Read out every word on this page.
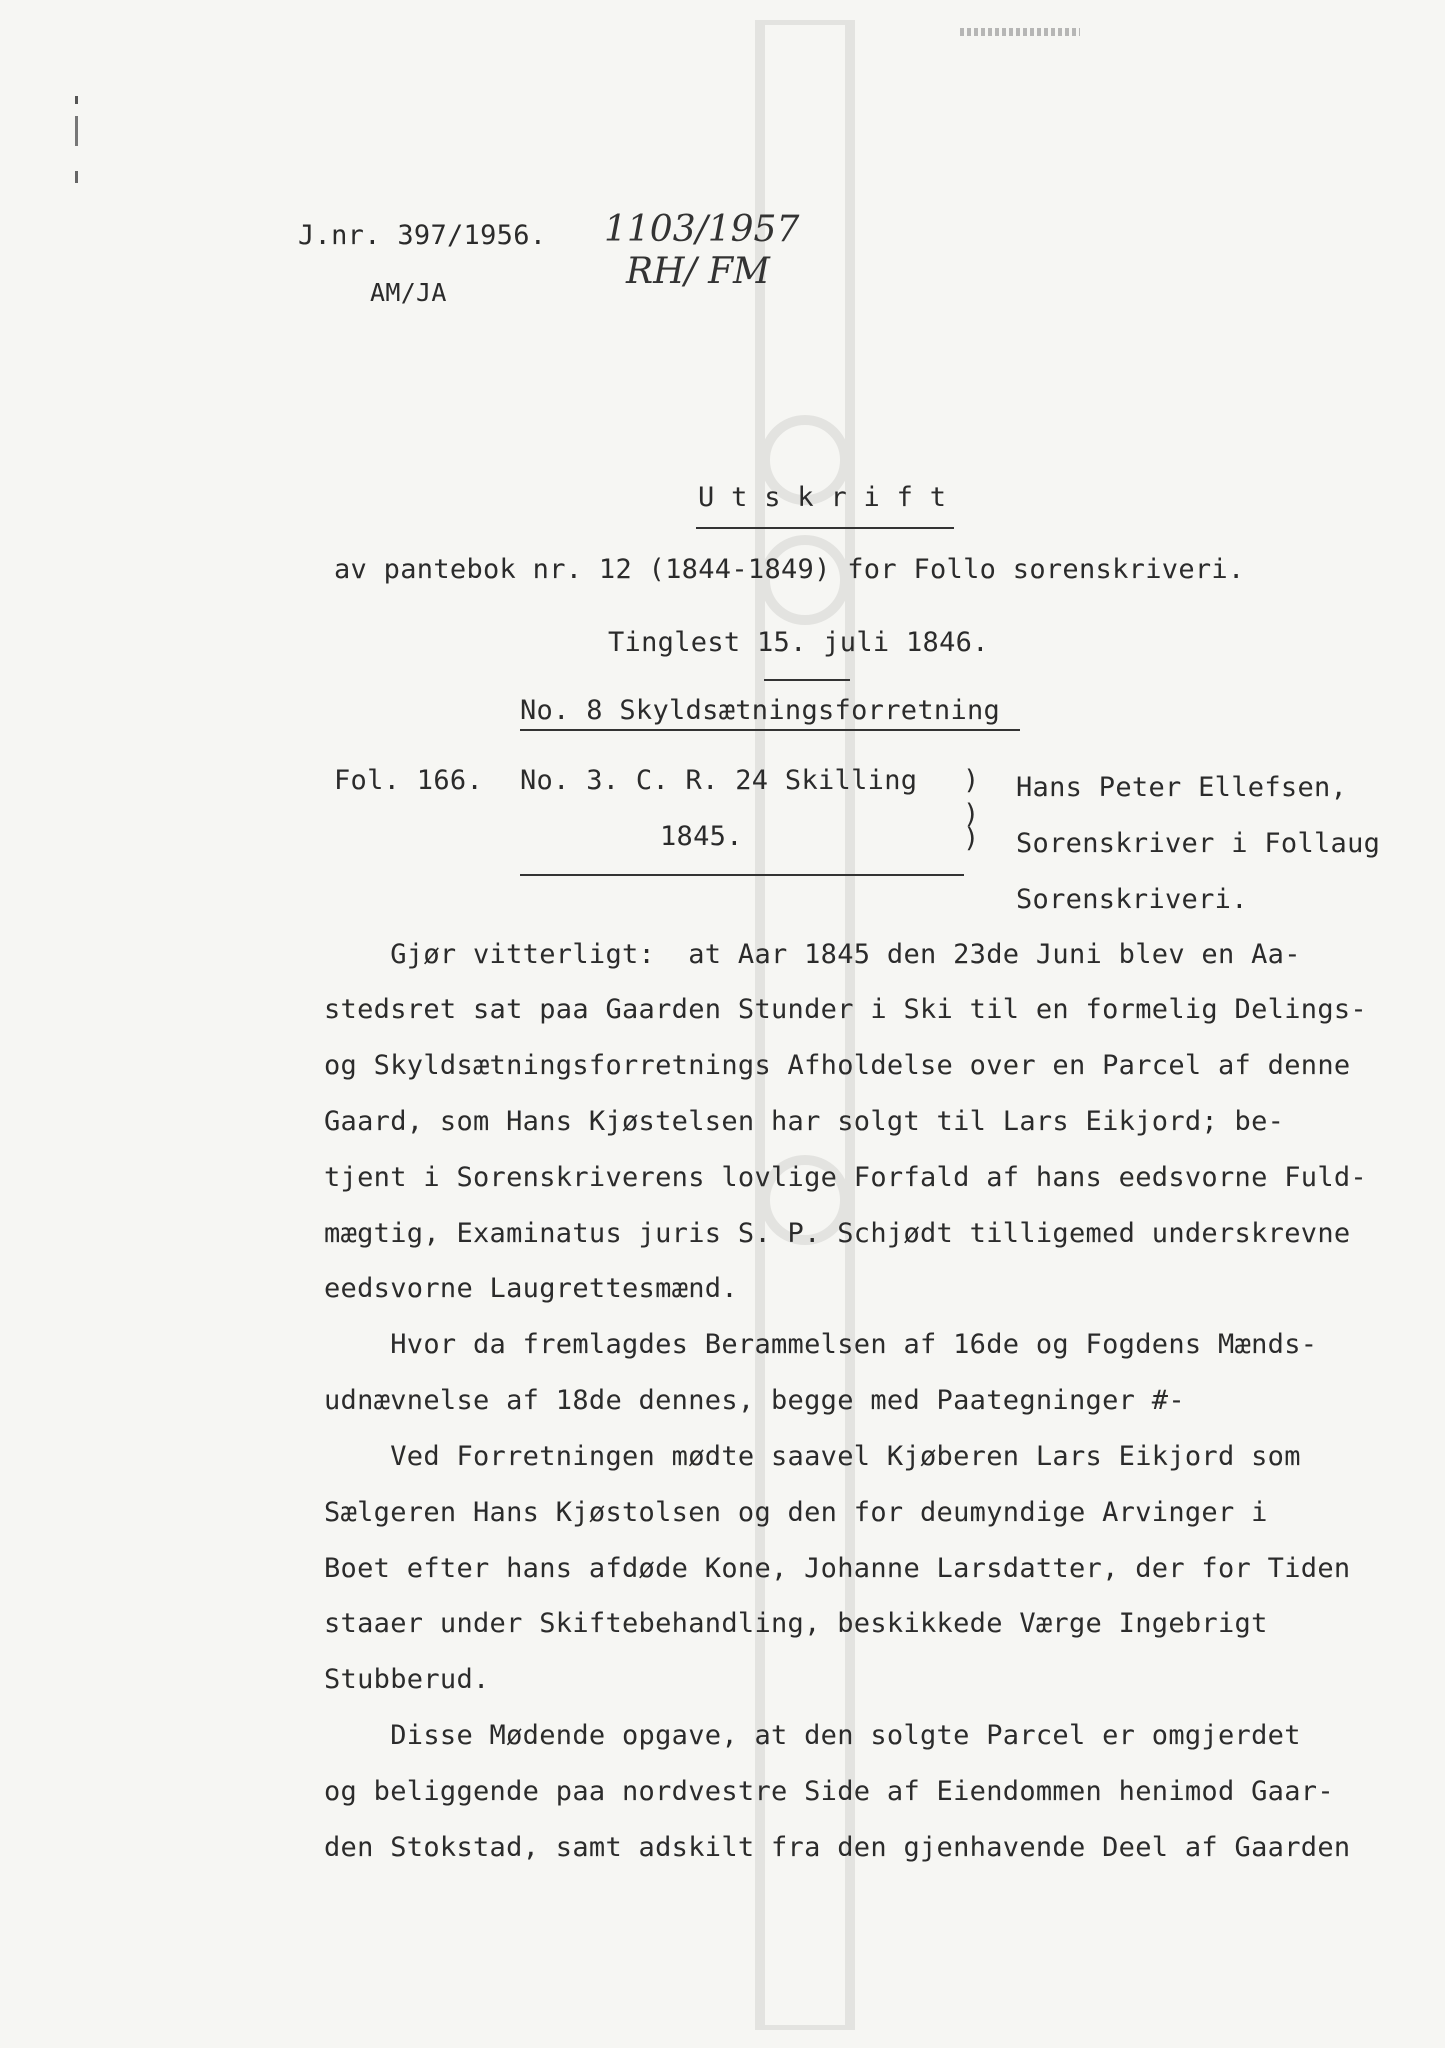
J.nr. 397/1956.
AM/JA
1103/1957
RH/ FM
U t s k r i f t
av pantebok nr. 12 (1844-1849) for Follo sorenskriveri.
Tinglest 15. juli 1846.
No. 8 Skyldsætningsforretning
Fol. 166. No. 3. C. R. 24 Skilling
1845.
)
)
)
Hans Peter Ellefsen,
Sorenskriver i Follaug
Sorenskriveri.
Gjør vitterligt:  at Aar 1845 den 23de Juni blev en Aa-
stedsret sat paa Gaarden Stunder i Ski til en formelig Delings-
og Skyldsætningsforretnings Afholdelse over en Parcel af denne
Gaard, som Hans Kjøstelsen har solgt til Lars Eikjord; be-
tjent i Sorenskriverens lovlige Forfald af hans eedsvorne Fuld-
mægtig, Examinatus juris S. P. Schjødt tilligemed underskrevne
eedsvorne Laugrettesmænd.
Hvor da fremlagdes Berammelsen af 16de og Fogdens Mænds-
udnævnelse af 18de dennes, begge med Paategninger #-
Ved Forretningen mødte saavel Kjøberen Lars Eikjord som
Sælgeren Hans Kjøstolsen og den for deumyndige Arvinger i
Boet efter hans afdøde Kone, Johanne Larsdatter, der for Tiden
staaer under Skiftebehandling, beskikkede Værge Ingebrigt
Stubberud.
Disse Mødende opgave, at den solgte Parcel er omgjerdet
og beliggende paa nordvestre Side af Eiendommen henimod Gaar-
den Stokstad, samt adskilt fra den gjenhavende Deel af Gaarden
